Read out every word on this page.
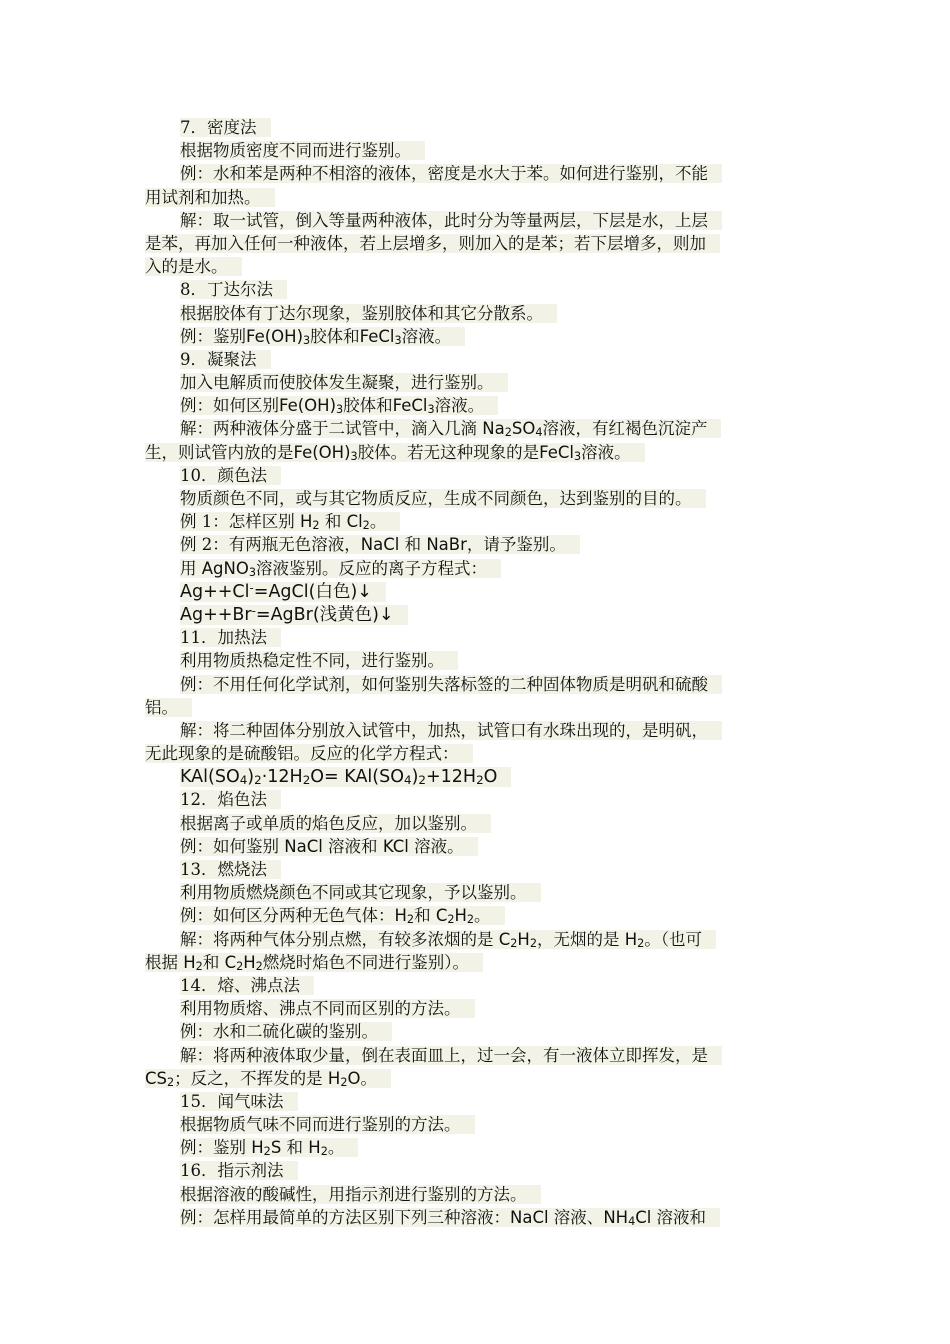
7．密度法
根据物质密度不同而进行鉴别。
例：水和苯是两种不相溶的液体，密度是水大于苯。如何进行鉴别，不能
用试剂和加热。
解：取一试管，倒入等量两种液体，此时分为等量两层，下层是水，上层
是苯，再加入任何一种液体，若上层增多，则加入的是苯；若下层增多，则加
入的是水。
8．丁达尔法
根据胶体有丁达尔现象，鉴别胶体和其它分散系。
例：鉴别$Fe(OH)_3$胶体和FeCl$_3$溶液。
9．凝聚法
加入电解质而使胶体发生凝聚，进行鉴别。
例：如何区别$Fe(OH)_3$胶体和FeCl$_3$溶液。
解：两种液体分盛于二试管中，滴入几滴 $Na_2SO_4$溶液，有红褐色沉淀产
生，则试管内放的是$Fe(OH)_3$胶体。若无这种现象的是FeCl$_3$溶液。
10．颜色法
物质颜色不同，或与其它物质反应，生成不同颜色，达到鉴别的目的。
例 1：怎样区别 $H_2$ 和 $Cl_2$。
例 2：有两瓶无色溶液，NaCl 和 NaBr，请予鉴别。
用 AgNO$_3$溶液鉴别。反应的离子方程式：
Ag++Cl-=AgCl(白色)↓
Ag++Br-=AgBr(浅黄色)↓
11．加热法
利用物质热稳定性不同，进行鉴别。
例：不用任何化学试剂，如何鉴别失落标签的二种固体物质是明矾和硫酸
铝。
解：将二种固体分别放入试管中，加热，试管口有水珠出现的，是明矾，
无此现象的是硫酸铝。反应的化学方程式：
$KAl(SO_4)_2\cdot 12H_2O= KAl(SO_4)_2+12H_2O$
12．焰色法
根据离子或单质的焰色反应，加以鉴别。
例：如何鉴别 NaCl 溶液和 KCl 溶液。
13．燃烧法
利用物质燃烧颜色不同或其它现象，予以鉴别。
例：如何区分两种无色气体：$H_2$和 $C_2H_2$。
解：将两种气体分别点燃，有较多浓烟的是 $C_2H_2$，无烟的是 $H_2$。（也可
根据 $H_2$和 $C_2H_2$燃烧时焰色不同进行鉴别）。
14．熔、沸点法
利用物质熔、沸点不同而区别的方法。
例：水和二硫化碳的鉴别。
解：将两种液体取少量，倒在表面皿上，过一会，有一液体立即挥发，是
$CS_2$；反之，不挥发的是 $H_2O$。
15．闻气味法
根据物质气味不同而进行鉴别的方法。
例：鉴别 $H_2S$ 和 $H_2$。
16．指示剂法
根据溶液的酸碱性，用指示剂进行鉴别的方法。
例：怎样用最简单的方法区别下列三种溶液：NaCl 溶液、$NH_4Cl$ 溶液和
